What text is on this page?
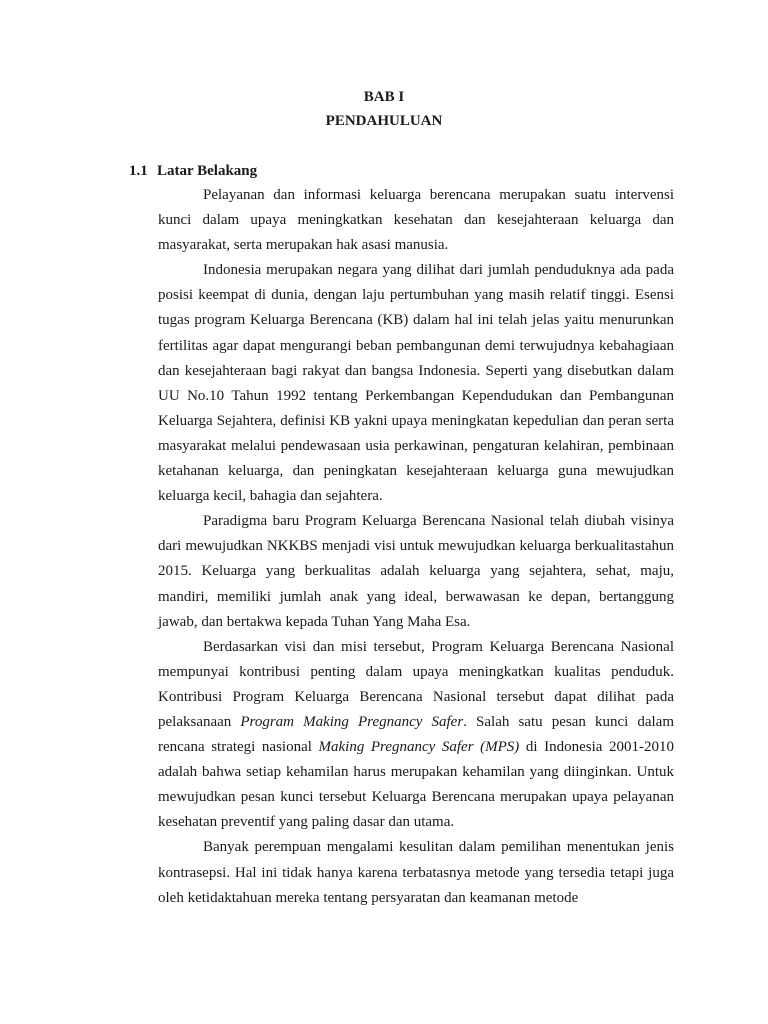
BAB I
PENDAHULUAN
1.1 Latar Belakang

Pelayanan dan informasi keluarga berencana merupakan suatu intervensi kunci dalam upaya meningkatkan kesehatan dan kesejahteraan keluarga dan masyarakat, serta merupakan hak asasi manusia.

Indonesia merupakan negara yang dilihat dari jumlah penduduknya ada pada posisi keempat di dunia, dengan laju pertumbuhan yang masih relatif tinggi. Esensi tugas program Keluarga Berencana (KB) dalam hal ini telah jelas yaitu menurunkan fertilitas agar dapat mengurangi beban pembangunan demi terwujudnya kebahagiaan dan kesejahteraan bagi rakyat dan bangsa Indonesia. Seperti yang disebutkan dalam UU No.10 Tahun 1992 tentang Perkembangan Kependudukan dan Pembangunan Keluarga Sejahtera, definisi KB yakni upaya meningkatan kepedulian dan peran serta masyarakat melalui pendewasaan usia perkawinan, pengaturan kelahiran, pembinaan ketahanan keluarga, dan peningkatan kesejahteraan keluarga guna mewujudkan keluarga kecil, bahagia dan sejahtera.

Paradigma baru Program Keluarga Berencana Nasional telah diubah visinya dari mewujudkan NKKBS menjadi visi untuk mewujudkan keluarga berkualitastahun 2015. Keluarga yang berkualitas adalah keluarga yang sejahtera, sehat, maju, mandiri, memiliki jumlah anak yang ideal, berwawasan ke depan, bertanggung jawab, dan bertakwa kepada Tuhan Yang Maha Esa.

Berdasarkan visi dan misi tersebut, Program Keluarga Berencana Nasional mempunyai kontribusi penting dalam upaya meningkatkan kualitas penduduk. Kontribusi Program Keluarga Berencana Nasional tersebut dapat dilihat pada pelaksanaan Program Making Pregnancy Safer. Salah satu pesan kunci dalam rencana strategi nasional Making Pregnancy Safer (MPS) di Indonesia 2001-2010 adalah bahwa setiap kehamilan harus merupakan kehamilan yang diinginkan. Untuk mewujudkan pesan kunci tersebut Keluarga Berencana merupakan upaya pelayanan kesehatan preventif yang paling dasar dan utama.

Banyak perempuan mengalami kesulitan dalam pemilihan menentukan jenis kontrasepsi. Hal ini tidak hanya karena terbatasnya metode yang tersedia tetapi juga oleh ketidaktahuan mereka tentang persyaratan dan keamanan metode
